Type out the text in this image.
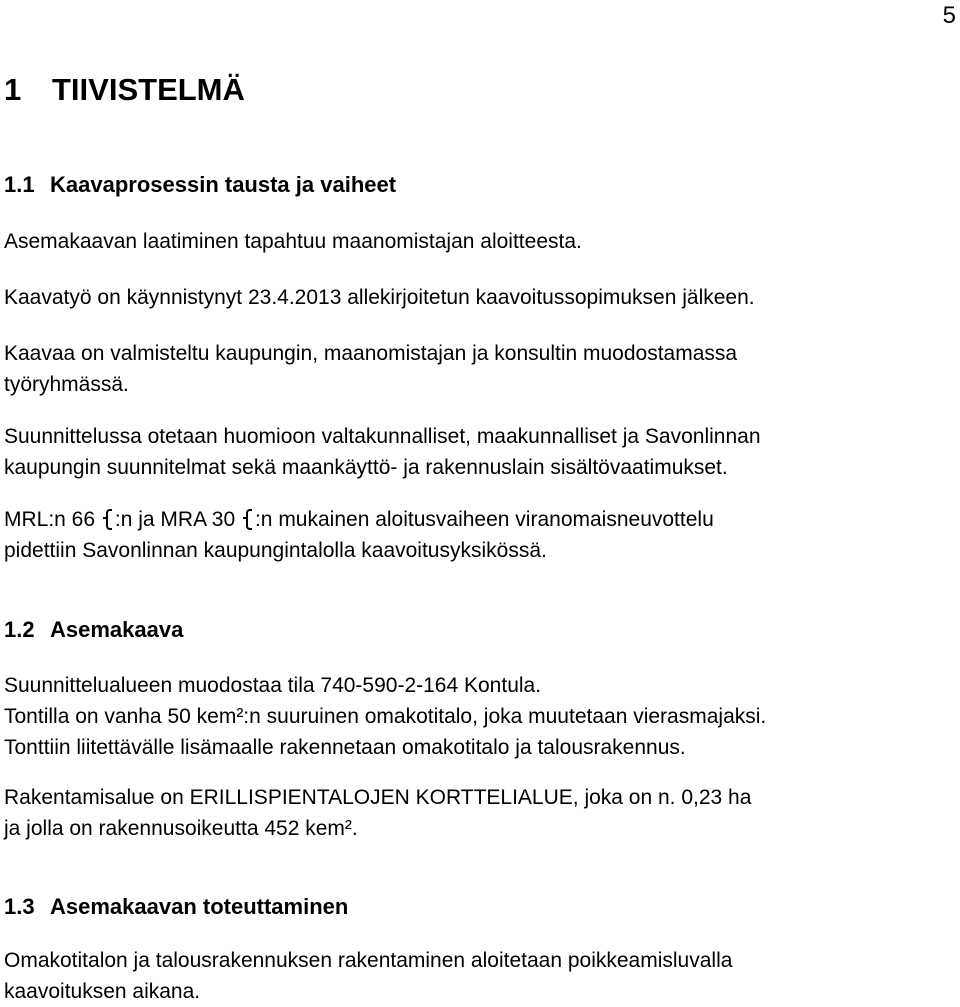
5
1 TIIVISTELMÄ
1.1 Kaavaprosessin tausta ja vaiheet
Asemakaavan laatiminen tapahtuu maanomistajan aloitteesta.
Kaavatyö on käynnistynyt 23.4.2013 allekirjoitetun kaavoitussopimuksen jälkeen.
Kaavaa on valmisteltu kaupungin, maanomistajan ja konsultin muodostamassa
työryhmässä.
Suunnittelussa otetaan huomioon valtakunnalliset, maakunnalliset ja Savonlinnan
kaupungin suunnitelmat sekä maankäyttö- ja rakennuslain sisältövaatimukset.
MRL:n 66 :n ja MRA 30 :n mukainen aloitusvaiheen viranomaisneuvottelu
pidettiin Savonlinnan kaupungintalolla kaavoitusyksikössä.
1.2 Asemakaava
Suunnittelualueen muodostaa tila 740-590-2-164 Kontula.
Tontilla on vanha 50 kem²:n suuruinen omakotitalo, joka muutetaan vierasmajaksi.
Tonttiin liitettävälle lisämaalle rakennetaan omakotitalo ja talousrakennus.
Rakentamisalue on ERILLISPIENTALOJEN KORTTELIALUE, joka on n. 0,23 ha
ja jolla on rakennusoikeutta 452 kem².
1.3 Asemakaavan toteuttaminen
Omakotitalon ja talousrakennuksen rakentaminen aloitetaan poikkeamisluvalla
kaavoituksen aikana.
